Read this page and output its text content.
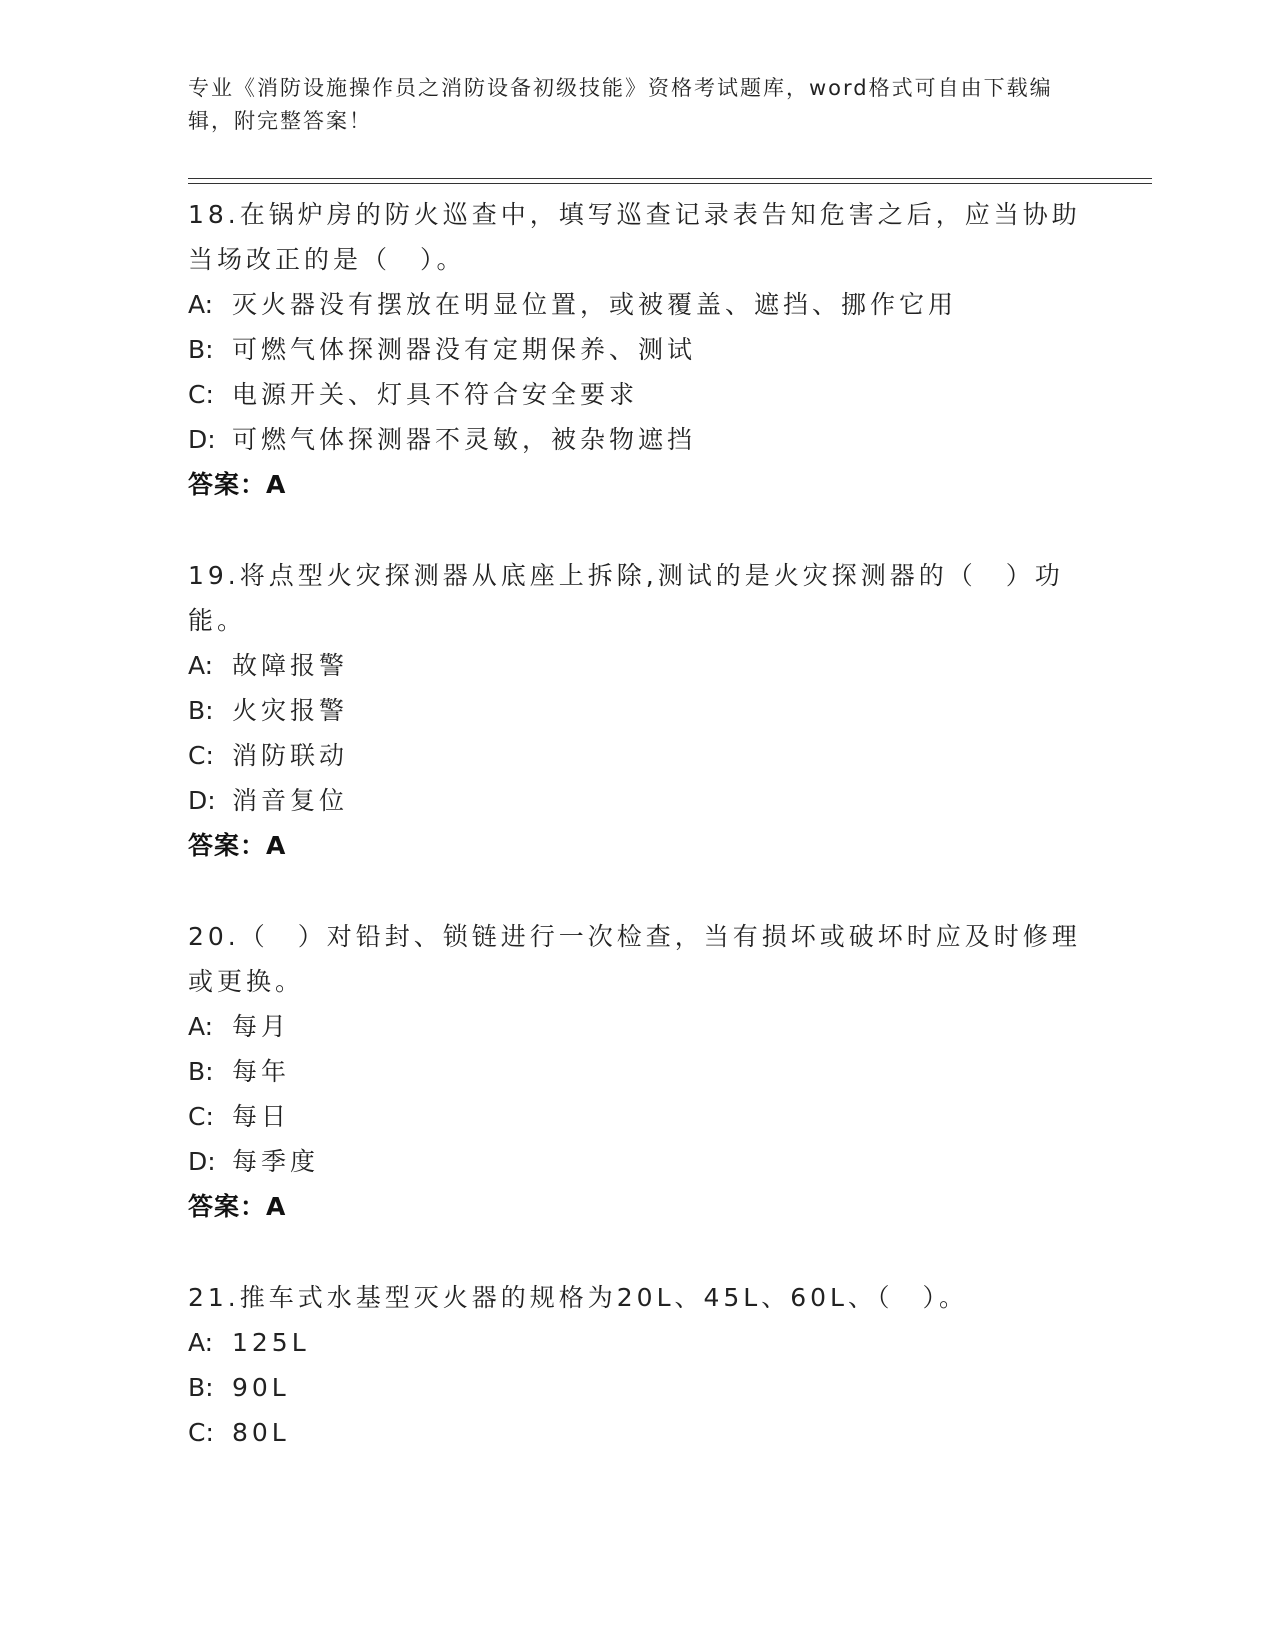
专业《消防设施操作员之消防设备初级技能》资格考试题库，word格式可自由下载编辑，附完整答案！
18.在锅炉房的防火巡查中，填写巡查记录表告知危害之后，应当协助当场改正的是（　）。
A: 灭火器没有摆放在明显位置，或被覆盖、遮挡、挪作它用
B: 可燃气体探测器没有定期保养、测试
C: 电源开关、灯具不符合安全要求
D: 可燃气体探测器不灵敏，被杂物遮挡
答案：A
19.将点型火灾探测器从底座上拆除,测试的是火灾探测器的（　）功能。
A: 故障报警
B: 火灾报警
C: 消防联动
D: 消音复位
答案：A
20.（　）对铅封、锁链进行一次检查，当有损坏或破坏时应及时修理或更换。
A: 每月
B: 每年
C: 每日
D: 每季度
答案：A
21.推车式水基型灭火器的规格为20L、45L、60L、（　）。
A: 125L
B: 90L
C: 80L
